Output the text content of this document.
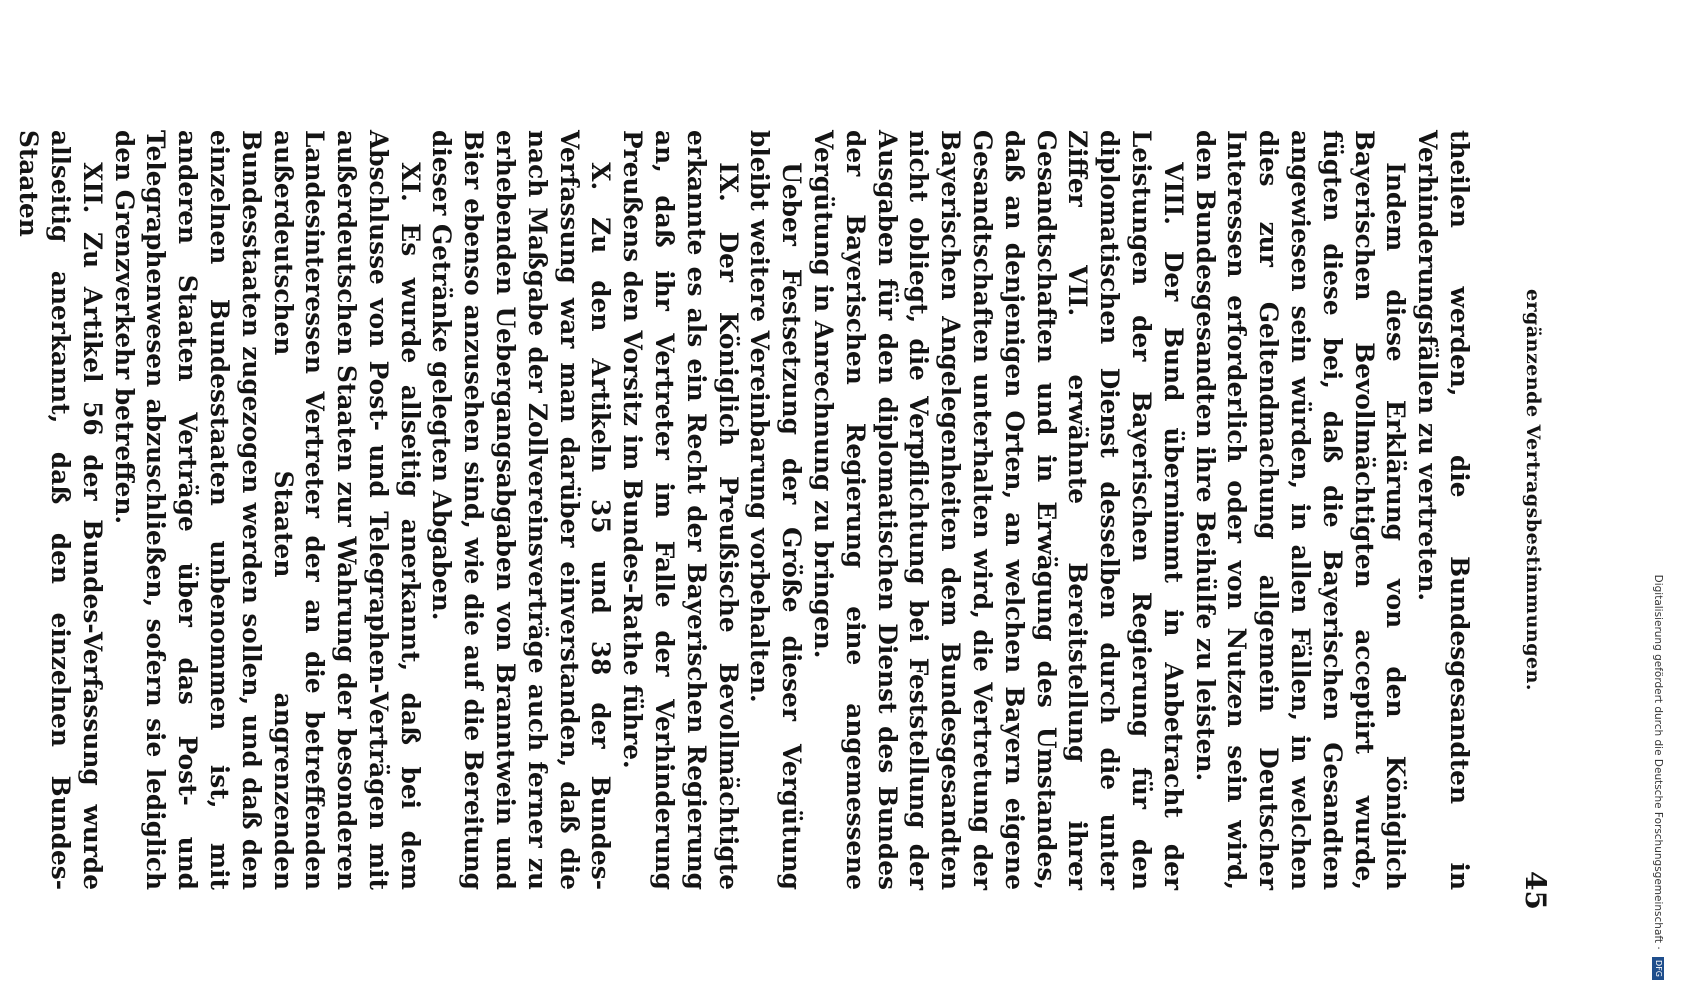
ergänzende Vertragsbestimmungen.
45

theilen werden, die Bundesgesandten in Verhinderungsfällen zu vertreten.

Indem diese Erklärung von den Königlich Bayerischen Bevollmächtigten acceptirt wurde, fügten diese bei, daß die Bayerischen Gesandten angewiesen sein würden, in allen Fällen, in welchen dies zur Geltendmachung allgemein Deutscher Interessen erforderlich oder von Nutzen sein wird, den Bundesgesandten ihre Beihülfe zu leisten.

VIII. Der Bund übernimmt in Anbetracht der Leistungen der Bayerischen Regierung für den diplomatischen Dienst desselben durch die unter Ziffer VII. erwähnte Bereitstellung ihrer Gesandtschaften und in Erwägung des Umstandes, daß an denjenigen Orten, an welchen Bayern eigene Gesandtschaften unterhalten wird, die Vertretung der Bayerischen Angelegenheiten dem Bundesgesandten nicht obliegt, die Verpflichtung bei Feststellung der Ausgaben für den diplomatischen Dienst des Bundes der Bayerischen Regierung eine angemessene Vergütung in Anrechnung zu bringen.

Ueber Festsetzung der Größe dieser Vergütung bleibt weitere Vereinbarung vorbehalten.

IX. Der Königlich Preußische Bevollmächtigte erkannte es als ein Recht der Bayerischen Regierung an, daß ihr Vertreter im Falle der Verhinderung Preußens den Vorsitz im Bundes-Rathe führe.

X. Zu den Artikeln 35 und 38 der Bundes-Verfassung war man darüber einverstanden, daß die nach Maßgabe der Zollvereinsverträge auch ferner zu erhebenden Uebergangsabgaben von Branntwein und Bier ebenso anzusehen sind, wie die auf die Bereitung dieser Getränke gelegten Abgaben.

XI. Es wurde allseitig anerkannt, daß bei dem Abschlusse von Post- und Telegraphen-Verträgen mit außerdeutschen Staaten zur Wahrung der besonderen Landesinteressen Vertreter der an die betreffenden außerdeutschen Staaten angrenzenden Bundesstaaten zugezogen werden sollen, und daß den einzelnen Bundesstaaten unbenommen ist, mit anderen Staaten Verträge über das Post- und Telegraphenwesen abzuschließen, sofern sie lediglich den Grenzverkehr betreffen.

XII. Zu Artikel 56 der Bundes-Verfassung wurde allseitig anerkannt, daß den einzelnen Bundes-Staaten

Digitalisierung gefördert durch die Deutsche Forschungsgemeinschaft · DFG
